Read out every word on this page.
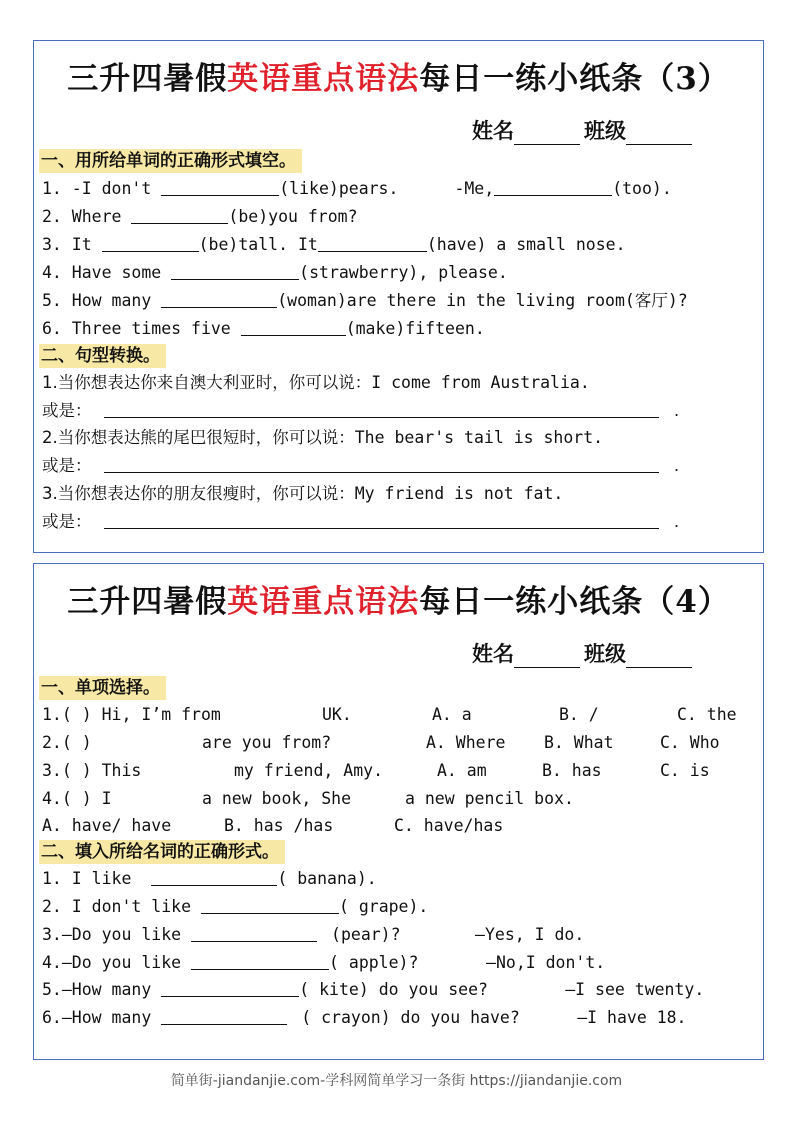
三升四暑假英语重点语法每日一练小纸条（3）
姓名	班级
一、用所给单词的正确形式填空。
1. -I don't	(like)pears.	-Me,	(too).
2. Where	(be)you from?
3. It	(be)tall. It	(have) a small nose.
4. Have some	(strawberry), please.
5. How many	(woman)are there in the living room(客厅)?
6. Three times five	(make)fifteen.
二、句型转换。
1.当你想表达你来自澳大利亚时，你可以说：I come from Australia.
或是：	.
2.当你想表达熊的尾巴很短时，你可以说：The bear's tail is short.
或是：	.
3.当你想表达你的朋友很瘦时，你可以说：My friend is not fat.
或是：	.
三升四暑假英语重点语法每日一练小纸条（4）
姓名	班级
一、单项选择。
1.( ) Hi, I’m from	UK.	A. a	B. /	C. the
2.( )	are you from?	A. Where B. What	C. Who
3.( ) This	my friend, Amy.	A. am	B. has	C. is
4.( ) I	a new book, She	a new pencil box.
A. have/ have	B. has /has	C. have/has
二、填入所给名词的正确形式。
1. I like	( banana).
2. I don't like	( grape).
3.—Do you like	(pear)?	—Yes, I do.
4.—Do you like	( apple)?	—No,I don't.
5.—How many	( kite) do you see?	—I see twenty.
6.—How many	( crayon) do you have?	—I have 18.
简单街-jiandanjie.com-学科网简单学习一条街 https://jiandanjie.com
